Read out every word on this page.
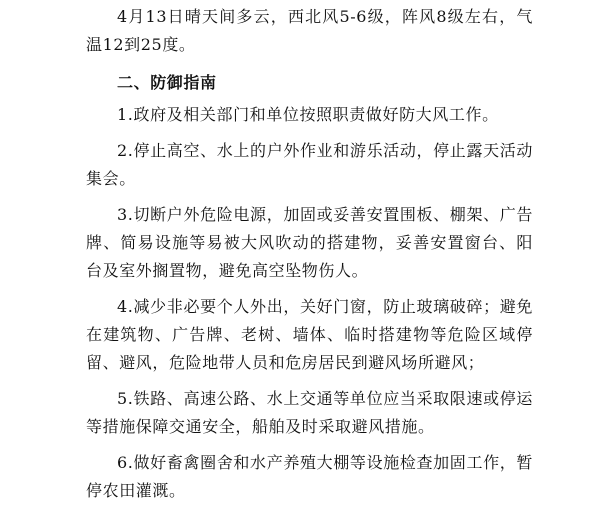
4月13日晴天间多云，西北风5-6级，阵风8级左右，气温12到25度。

二、防御指南

1.政府及相关部门和单位按照职责做好防大风工作。

2.停止高空、水上的户外作业和游乐活动，停止露天活动集会。

3.切断户外危险电源，加固或妥善安置围板、棚架、广告牌、简易设施等易被大风吹动的搭建物，妥善安置窗台、阳台及室外搁置物，避免高空坠物伤人。

4.减少非必要个人外出，关好门窗，防止玻璃破碎；避免在建筑物、广告牌、老树、墙体、临时搭建物等危险区域停留、避风，危险地带人员和危房居民到避风场所避风；

5.铁路、高速公路、水上交通等单位应当采取限速或停运等措施保障交通安全，船舶及时采取避风措施。

6.做好畜禽圈舍和水产养殖大棚等设施检查加固工作，暂停农田灌溉。
